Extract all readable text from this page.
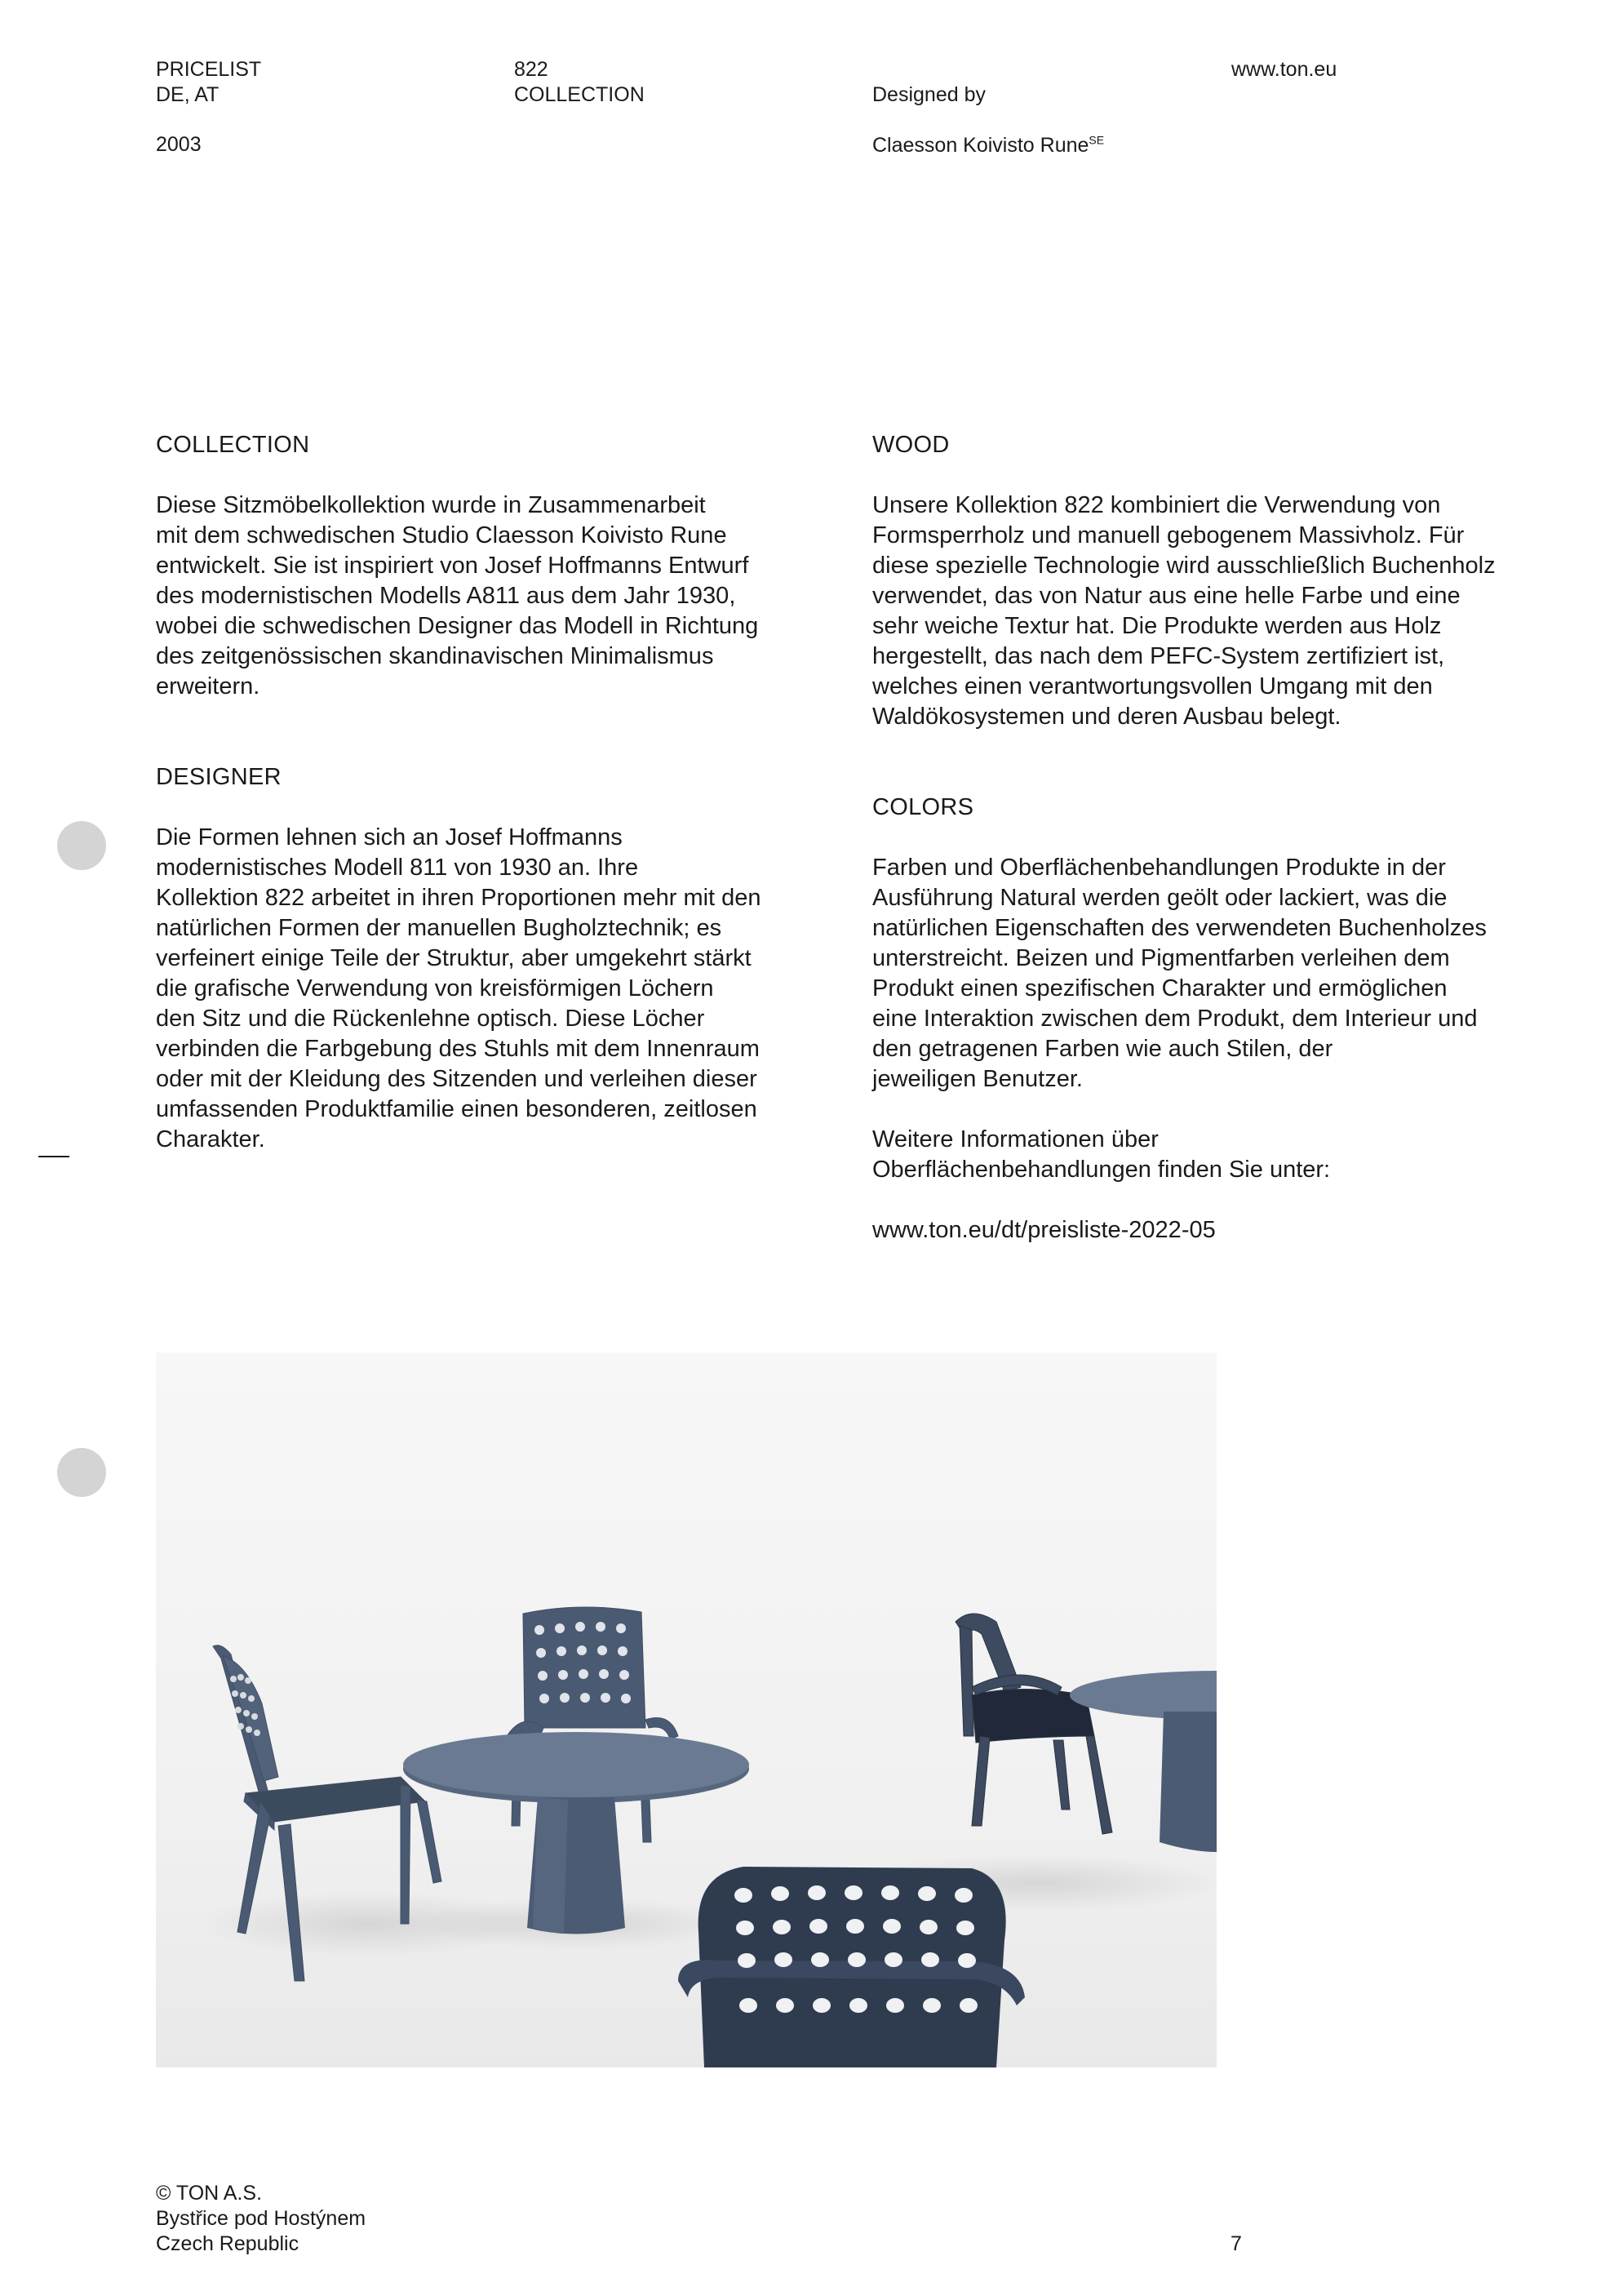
PRICELIST
DE, AT
2003
822
COLLECTION	Designed by

Claesson Koivisto Rune$^{SE}$

www.ton.eu
COLLECTION
Diese Sitzmöbelkollektion wurde in Zusammenarbeit
mit dem schwedischen Studio Claesson Koivisto Rune
entwickelt. Sie ist inspiriert von Josef Hoffmanns Entwurf
des modernistischen Modells A811 aus dem Jahr 1930,
wobei die schwedischen Designer das Modell in Richtung
des zeitgenössischen skandinavischen Minimalismus
erweitern.
DESIGNER
Die Formen lehnen sich an Josef Hoffmanns
modernistisches Modell 811 von 1930 an. Ihre
Kollektion 822 arbeitet in ihren Proportionen mehr mit den
natürlichen Formen der manuellen Bugholztechnik; es
verfeinert einige Teile der Struktur, aber umgekehrt stärkt
die grafische Verwendung von kreisförmigen Löchern
den Sitz und die Rückenlehne optisch. Diese Löcher
verbinden die Farbgebung des Stuhls mit dem Innenraum
oder mit der Kleidung des Sitzenden und verleihen dieser
umfassenden Produktfamilie einen besonderen, zeitlosen
Charakter.
WOOD
Unsere Kollektion 822 kombiniert die Verwendung von
Formsperrholz und manuell gebogenem Massivholz. Für
diese spezielle Technologie wird ausschließlich Buchenholz
verwendet, das von Natur aus eine helle Farbe und eine
sehr weiche Textur hat. Die Produkte werden aus Holz
hergestellt, das nach dem PEFC-System zertifiziert ist,
welches einen verantwortungsvollen Umgang mit den
Waldökosystemen und deren Ausbau belegt.
COLORS
Farben und Oberflächenbehandlungen Produkte in der
Ausführung Natural werden geölt oder lackiert, was die
natürlichen Eigenschaften des verwendeten Buchenholzes
unterstreicht. Beizen und Pigmentfarben verleihen dem
Produkt einen spezifischen Charakter und ermöglichen
eine Interaktion zwischen dem Produkt, dem Interieur und
den getragenen Farben wie auch Stilen, der
jeweiligen Benutzer.
Weitere Informationen über
Oberflächenbehandlungen finden Sie unter:
www.ton.eu/dt/preisliste-2022-05
© TON A.S.
Bystřice pod Hostýnem
Czech Republic	7
